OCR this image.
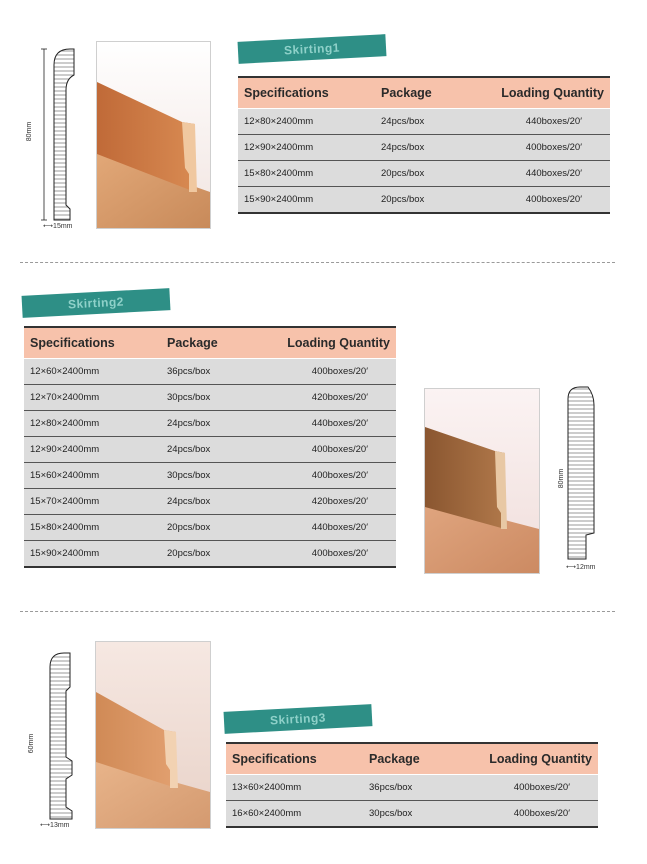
80mm
⟷15mm
Skirting1
Specifications	Package	Loading Quantity
12×80×2400mm	24pcs/box	440boxes/20′
12×90×2400mm	24pcs/box	400boxes/20′
15×80×2400mm	20pcs/box	440boxes/20′
15×90×2400mm	20pcs/box	400boxes/20′
Skirting2
Specifications	Package	Loading Quantity
12×60×2400mm	36pcs/box	400boxes/20′
12×70×2400mm	30pcs/box	420boxes/20′
12×80×2400mm	24pcs/box	440boxes/20′
12×90×2400mm	24pcs/box	400boxes/20′
15×60×2400mm	30pcs/box	400boxes/20′
15×70×2400mm	24pcs/box	420boxes/20′
15×80×2400mm	20pcs/box	440boxes/20′
15×90×2400mm	20pcs/box	400boxes/20′
80mm
⟷12mm
60mm
⟷13mm
Skirting3
Specifications	Package	Loading Quantity
13×60×2400mm	36pcs/box	400boxes/20′
16×60×2400mm	30pcs/box	400boxes/20′
